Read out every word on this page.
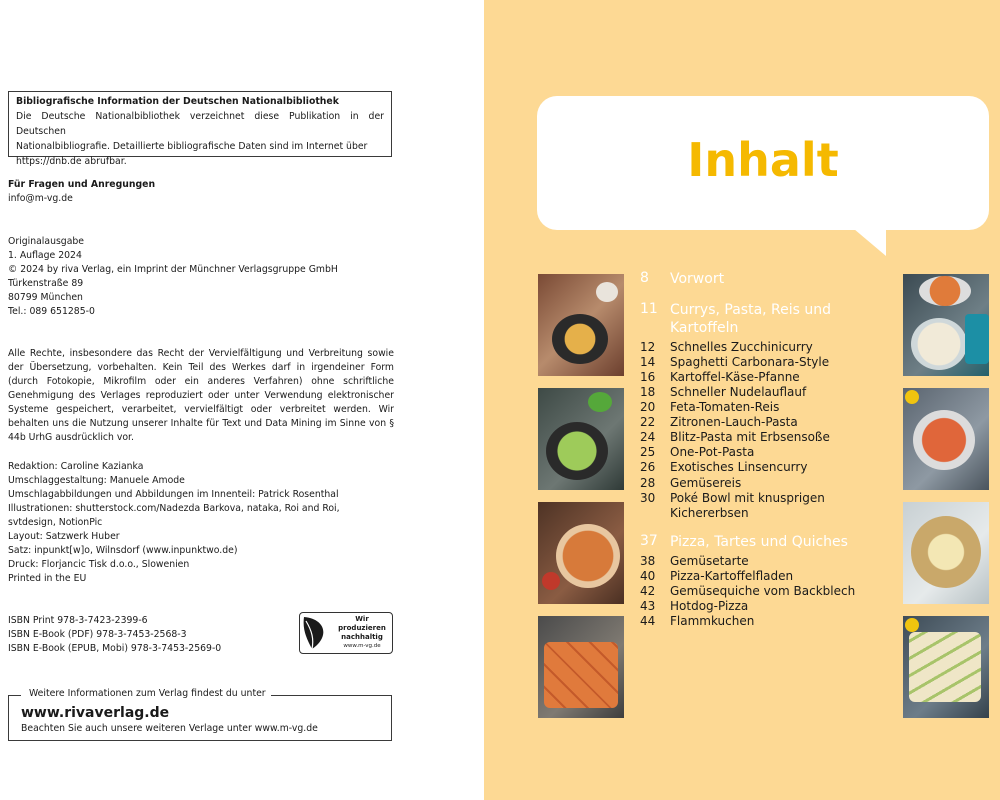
Bibliografische Information der Deutschen Nationalbibliothek
Die Deutsche Nationalbibliothek verzeichnet diese Publikation in der Deutschen
Nationalbibliografie. Detaillierte bibliografische Daten sind im Internet über
https://dnb.de abrufbar.
Für Fragen und Anregungen
info@m-vg.de
Originalausgabe
1. Auflage 2024
© 2024 by riva Verlag, ein Imprint der Münchner Verlagsgruppe GmbH
Türkenstraße 89
80799 München
Tel.: 089 651285-0
Alle Rechte, insbesondere das Recht der Vervielfältigung und Verbreitung sowie der Übersetzung, vorbehalten. Kein Teil des Werkes darf in irgendeiner Form (durch Fotokopie, Mikrofilm oder ein anderes Verfahren) ohne schriftliche Genehmigung des Verlages reproduziert oder unter Verwendung elektronischer Systeme gespeichert, verarbeitet, vervielfältigt oder verbreitet werden. Wir behalten uns die Nutzung unserer Inhalte für Text und Data Mining im Sinne von § 44b UrhG ausdrücklich vor.
Redaktion: Caroline Kazianka
Umschlaggestaltung: Manuele Amode
Umschlagabbildungen und Abbildungen im Innenteil: Patrick Rosenthal
Illustrationen: shutterstock.com/Nadezda Barkova, nataka, Roi and Roi,
svtdesign, NotionPic
Layout: Satzwerk Huber
Satz: inpunkt[w]o, Wilnsdorf (www.inpunktwo.de)
Druck: Florjancic Tisk d.o.o., Slowenien
Printed in the EU
ISBN Print 978-3-7423-2399-6
ISBN E-Book (PDF) 978-3-7453-2568-3
ISBN E-Book (EPUB, Mobi) 978-3-7453-2569-0
Wir produzieren
nachhaltig
www.m-vg.de
Weitere Informationen zum Verlag findest du unter
www.rivaverlag.de
Beachten Sie auch unsere weiteren Verlage unter www.m-vg.de
Inhalt
8 Vorwort
11 Currys, Pasta, Reis und Kartoffeln
12 Schnelles Zucchinicurry
14 Spaghetti Carbonara-Style
16 Kartoffel-Käse-Pfanne
18 Schneller Nudelauflauf
20 Feta-Tomaten-Reis
22 Zitronen-Lauch-Pasta
24 Blitz-Pasta mit Erbsensoße
25 One-Pot-Pasta
26 Exotisches Linsencurry
28 Gemüsereis
30 Poké Bowl mit knusprigen Kichererbsen
37 Pizza, Tartes und Quiches
38 Gemüsetarte
40 Pizza-Kartoffelfladen
42 Gemüsequiche vom Backblech
43 Hotdog-Pizza
44 Flammkuchen
